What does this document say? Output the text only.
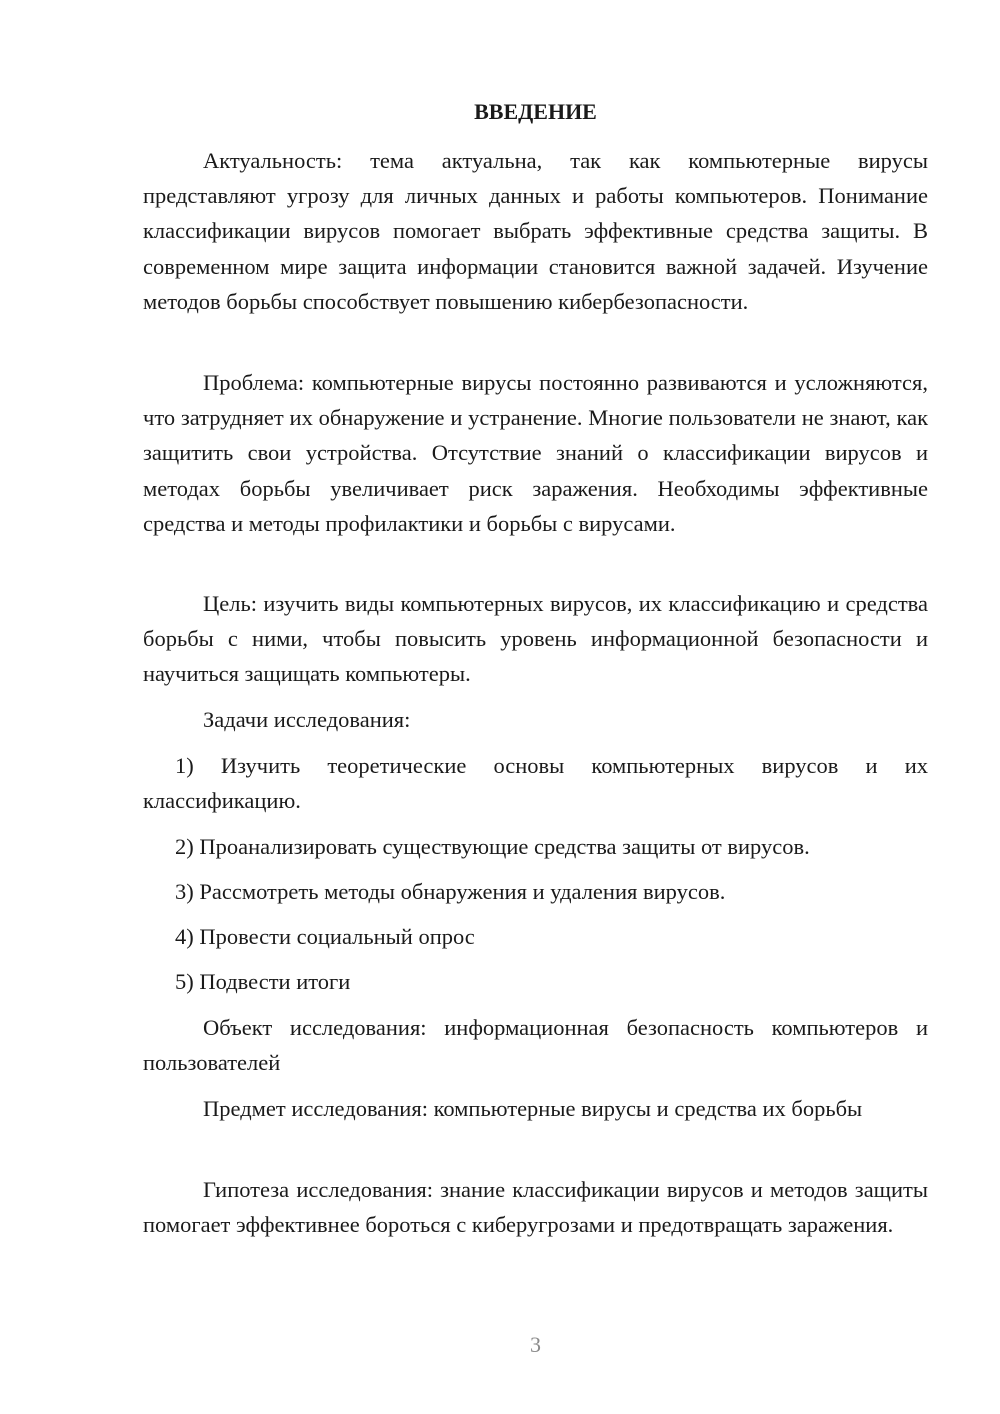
ВВЕДЕНИЕ

Актуальность: тема актуальна, так как компьютерные вирусы представляют угрозу для личных данных и работы компьютеров. Понимание классификации вирусов помогает выбрать эффективные средства защиты. В современном мире защита информации становится важной задачей. Изучение методов борьбы способствует повышению кибербезопасности.

Проблема: компьютерные вирусы постоянно развиваются и усложняются, что затрудняет их обнаружение и устранение. Многие пользователи не знают, как защитить свои устройства. Отсутствие знаний о классификации вирусов и методах борьбы увеличивает риск заражения. Необходимы эффективные средства и методы профилактики и борьбы с вирусами.

Цель: изучить виды компьютерных вирусов, их классификацию и средства борьбы с ними, чтобы повысить уровень информационной безопасности и научиться защищать компьютеры.

Задачи исследования:

1) Изучить теоретические основы компьютерных вирусов и их классификацию.

2) Проанализировать существующие средства защиты от вирусов.

3) Рассмотреть методы обнаружения и удаления вирусов.

4) Провести социальный опрос

5) Подвести итоги

Объект исследования: информационная безопасность компьютеров и пользователей

Предмет исследования: компьютерные вирусы и средства их борьбы

Гипотеза исследования: знание классификации вирусов и методов защиты помогает эффективнее бороться с киберугрозами и предотвращать заражения.

3
